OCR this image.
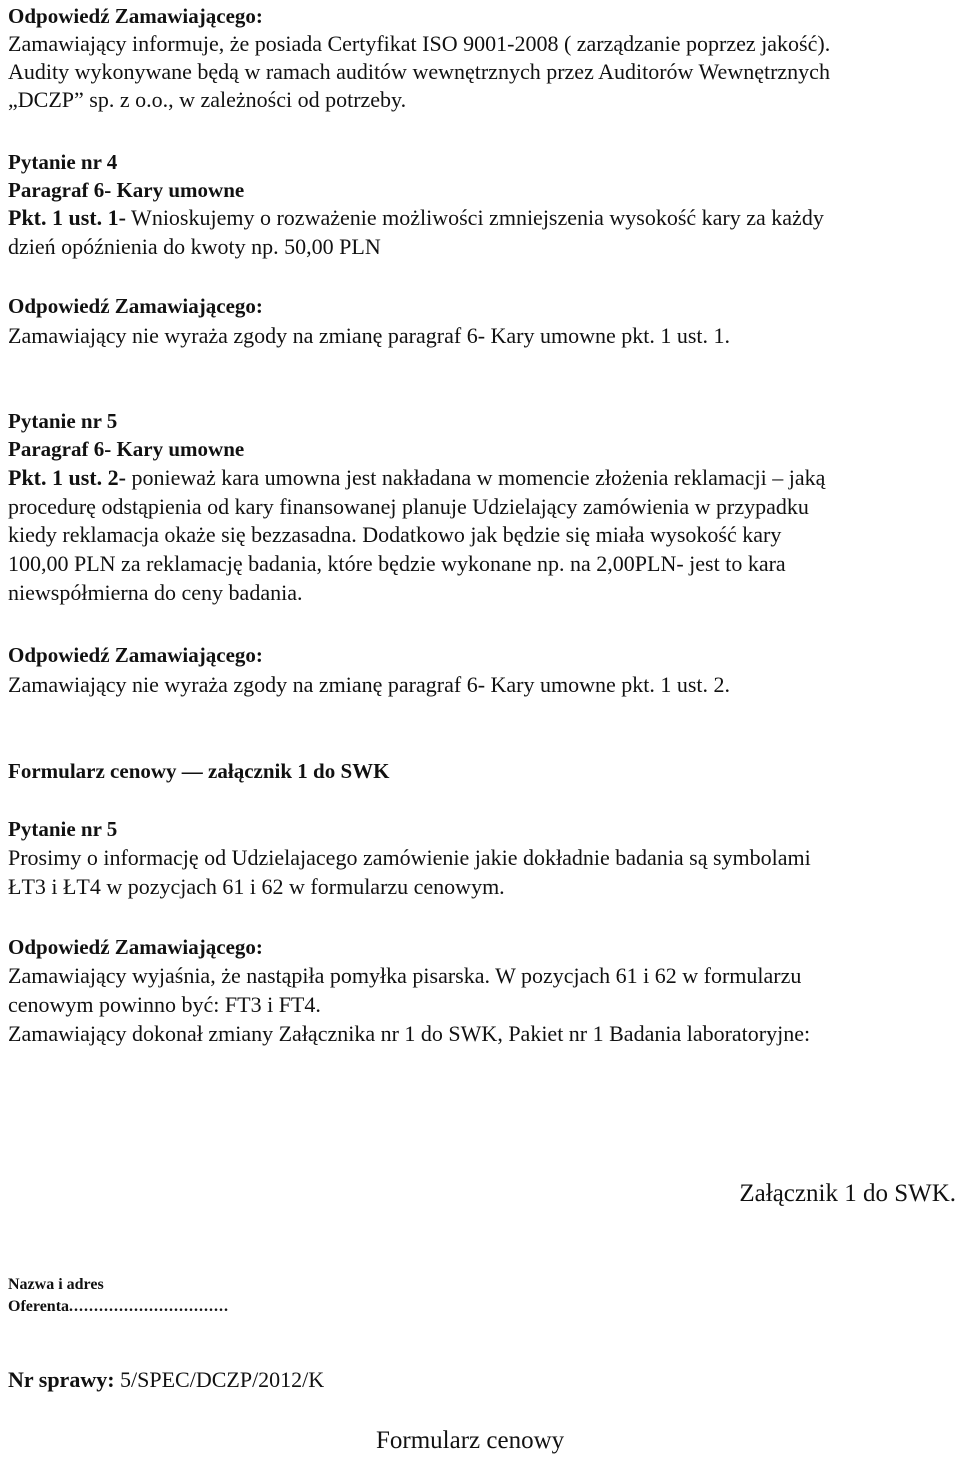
Odpowiedź Zamawiającego:
Zamawiający informuje, że posiada Certyfikat ISO 9001-2008 ( zarządzanie poprzez jakość).
Audity wykonywane będą w ramach auditów wewnętrznych przez Auditorów Wewnętrznych
„DCZP” sp. z o.o., w zależności od potrzeby.
Pytanie nr 4
Paragraf 6- Kary umowne
Pkt. 1 ust. 1- Wnioskujemy o rozważenie możliwości zmniejszenia wysokość kary za każdy
dzień opóźnienia do kwoty np. 50,00 PLN
Odpowiedź Zamawiającego:
Zamawiający nie wyraża zgody na zmianę paragraf 6- Kary umowne pkt. 1 ust. 1.
Pytanie nr 5
Paragraf 6- Kary umowne
Pkt. 1 ust. 2- ponieważ kara umowna jest nakładana w momencie złożenia reklamacji – jaką
procedurę odstąpienia od kary finansowanej planuje Udzielający zamówienia w przypadku
kiedy reklamacja okaże się bezzasadna. Dodatkowo jak będzie się miała wysokość kary
100,00 PLN za reklamację badania, które będzie wykonane np. na 2,00PLN- jest to kara
niewspółmierna do ceny badania.
Odpowiedź Zamawiającego:
Zamawiający nie wyraża zgody na zmianę paragraf 6- Kary umowne pkt. 1 ust. 2.
Formularz cenowy — załącznik 1 do SWK
Pytanie nr 5
Prosimy o informację od Udzielajacego zamówienie jakie dokładnie badania są symbolami
ŁT3 i ŁT4 w pozycjach 61 i 62 w formularzu cenowym.
Odpowiedź Zamawiającego:
Zamawiający wyjaśnia, że nastąpiła pomyłka pisarska. W pozycjach 61 i 62 w formularzu
cenowym powinno być: FT3 i FT4.
Zamawiający dokonał zmiany Załącznika nr 1 do SWK, Pakiet nr 1 Badania laboratoryjne:
Załącznik 1 do SWK.
Nazwa i adres
Oferenta................................
Nr sprawy: 5/SPEC/DCZP/2012/K
Formularz cenowy
